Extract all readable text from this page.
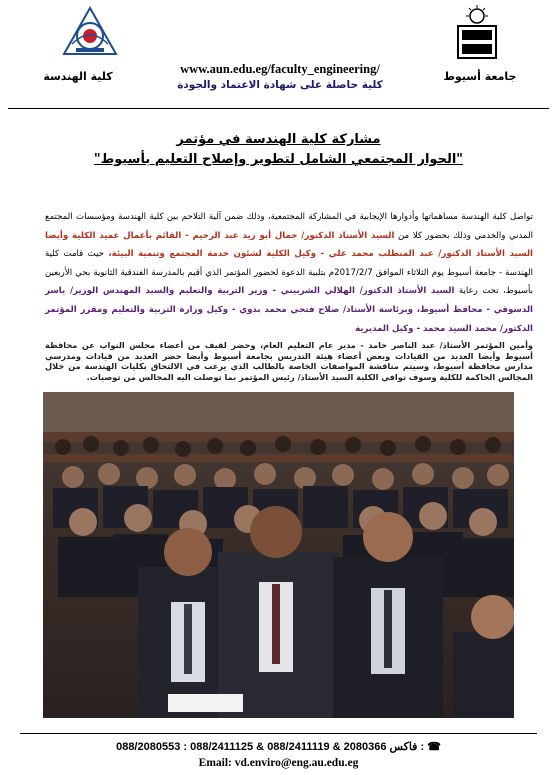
كلية الهندسة	جامعة أسيوط
www.aun.edu.eg/faculty_engineering/
كلية حاصلة على شهادة الاعتماد والجودة
مشاركة كلية الهندسة في مؤتمر
"الحوار المجتمعي الشامل لتطوير وإصلاح التعليم بأسيوط"
تواصل كلية الهندسة مساهماتها وأدوارها الإيجابية في المشاركة المجتمعية، وذلك ضمن آلية التلاحم بين كلية الهندسة ومؤسسات المجتمع المدني والخدمي وذلك بحضور كلا من السيد الأستاذ الدكتور/ جمال أبو زيد عبد الرحيم - القائم بأعمال عميد الكلية وأيضا السيد الأستاذ الدكتور/ عبد المنطلب محمد علي - وكيل الكلية لشئون خدمة المجتمع وتنمية البيئة، حيث قامت كلية الهندسة - جامعة أسيوط يوم الثلاثاء الموافق 2017/2/7م بتلبية الدعوة لحضور المؤتمر الذي أقيم بالمدرسة الفندقية الثانوية بحي الأربعين بأسيوط، تحت رعاية السيد الأستاذ الدكتور/ الهلالي الشربيني - وزير التربية والتعليم والسيد المهندس الوزير/ ياسر الدسوقي - محافظ أسيوط، وبرئاسة الأستاذ/ صلاح فتحي محمد بدوي - وكيل وزارة التربية والتعليم ومقرر المؤتمر الدكتور/ محمد السيد محمد - وكيل المديرية
وأمين المؤتمر الأستاذ/ عبد الناصر حامد - مدير عام التعليم العام، وحضر لفيف من أعضاء مجلس النواب عن محافظة أسيوط وأيضا العديد من القيادات وبعض أعضاء هيئة التدريس بجامعة أسيوط وأيضا حضر العديد من قيادات ومدرسي مدارس محافظة أسيوط، وسيتم مناقشة المواصفات الخاصة بالطالب الذي يرغب في الالتحاق بكليات الهندسة من خلال المجالس الحاكمة للكلية وسوف توافي الكلية السيد الأستاذ/ رئيس المؤتمر بما توصلت اليه المجالس من توصيات.
088/2080553 : فاكس 2080366 & 088/2411119 & 088/2411125 : ☎
Email: vd.enviro@eng.au.edu.eg
